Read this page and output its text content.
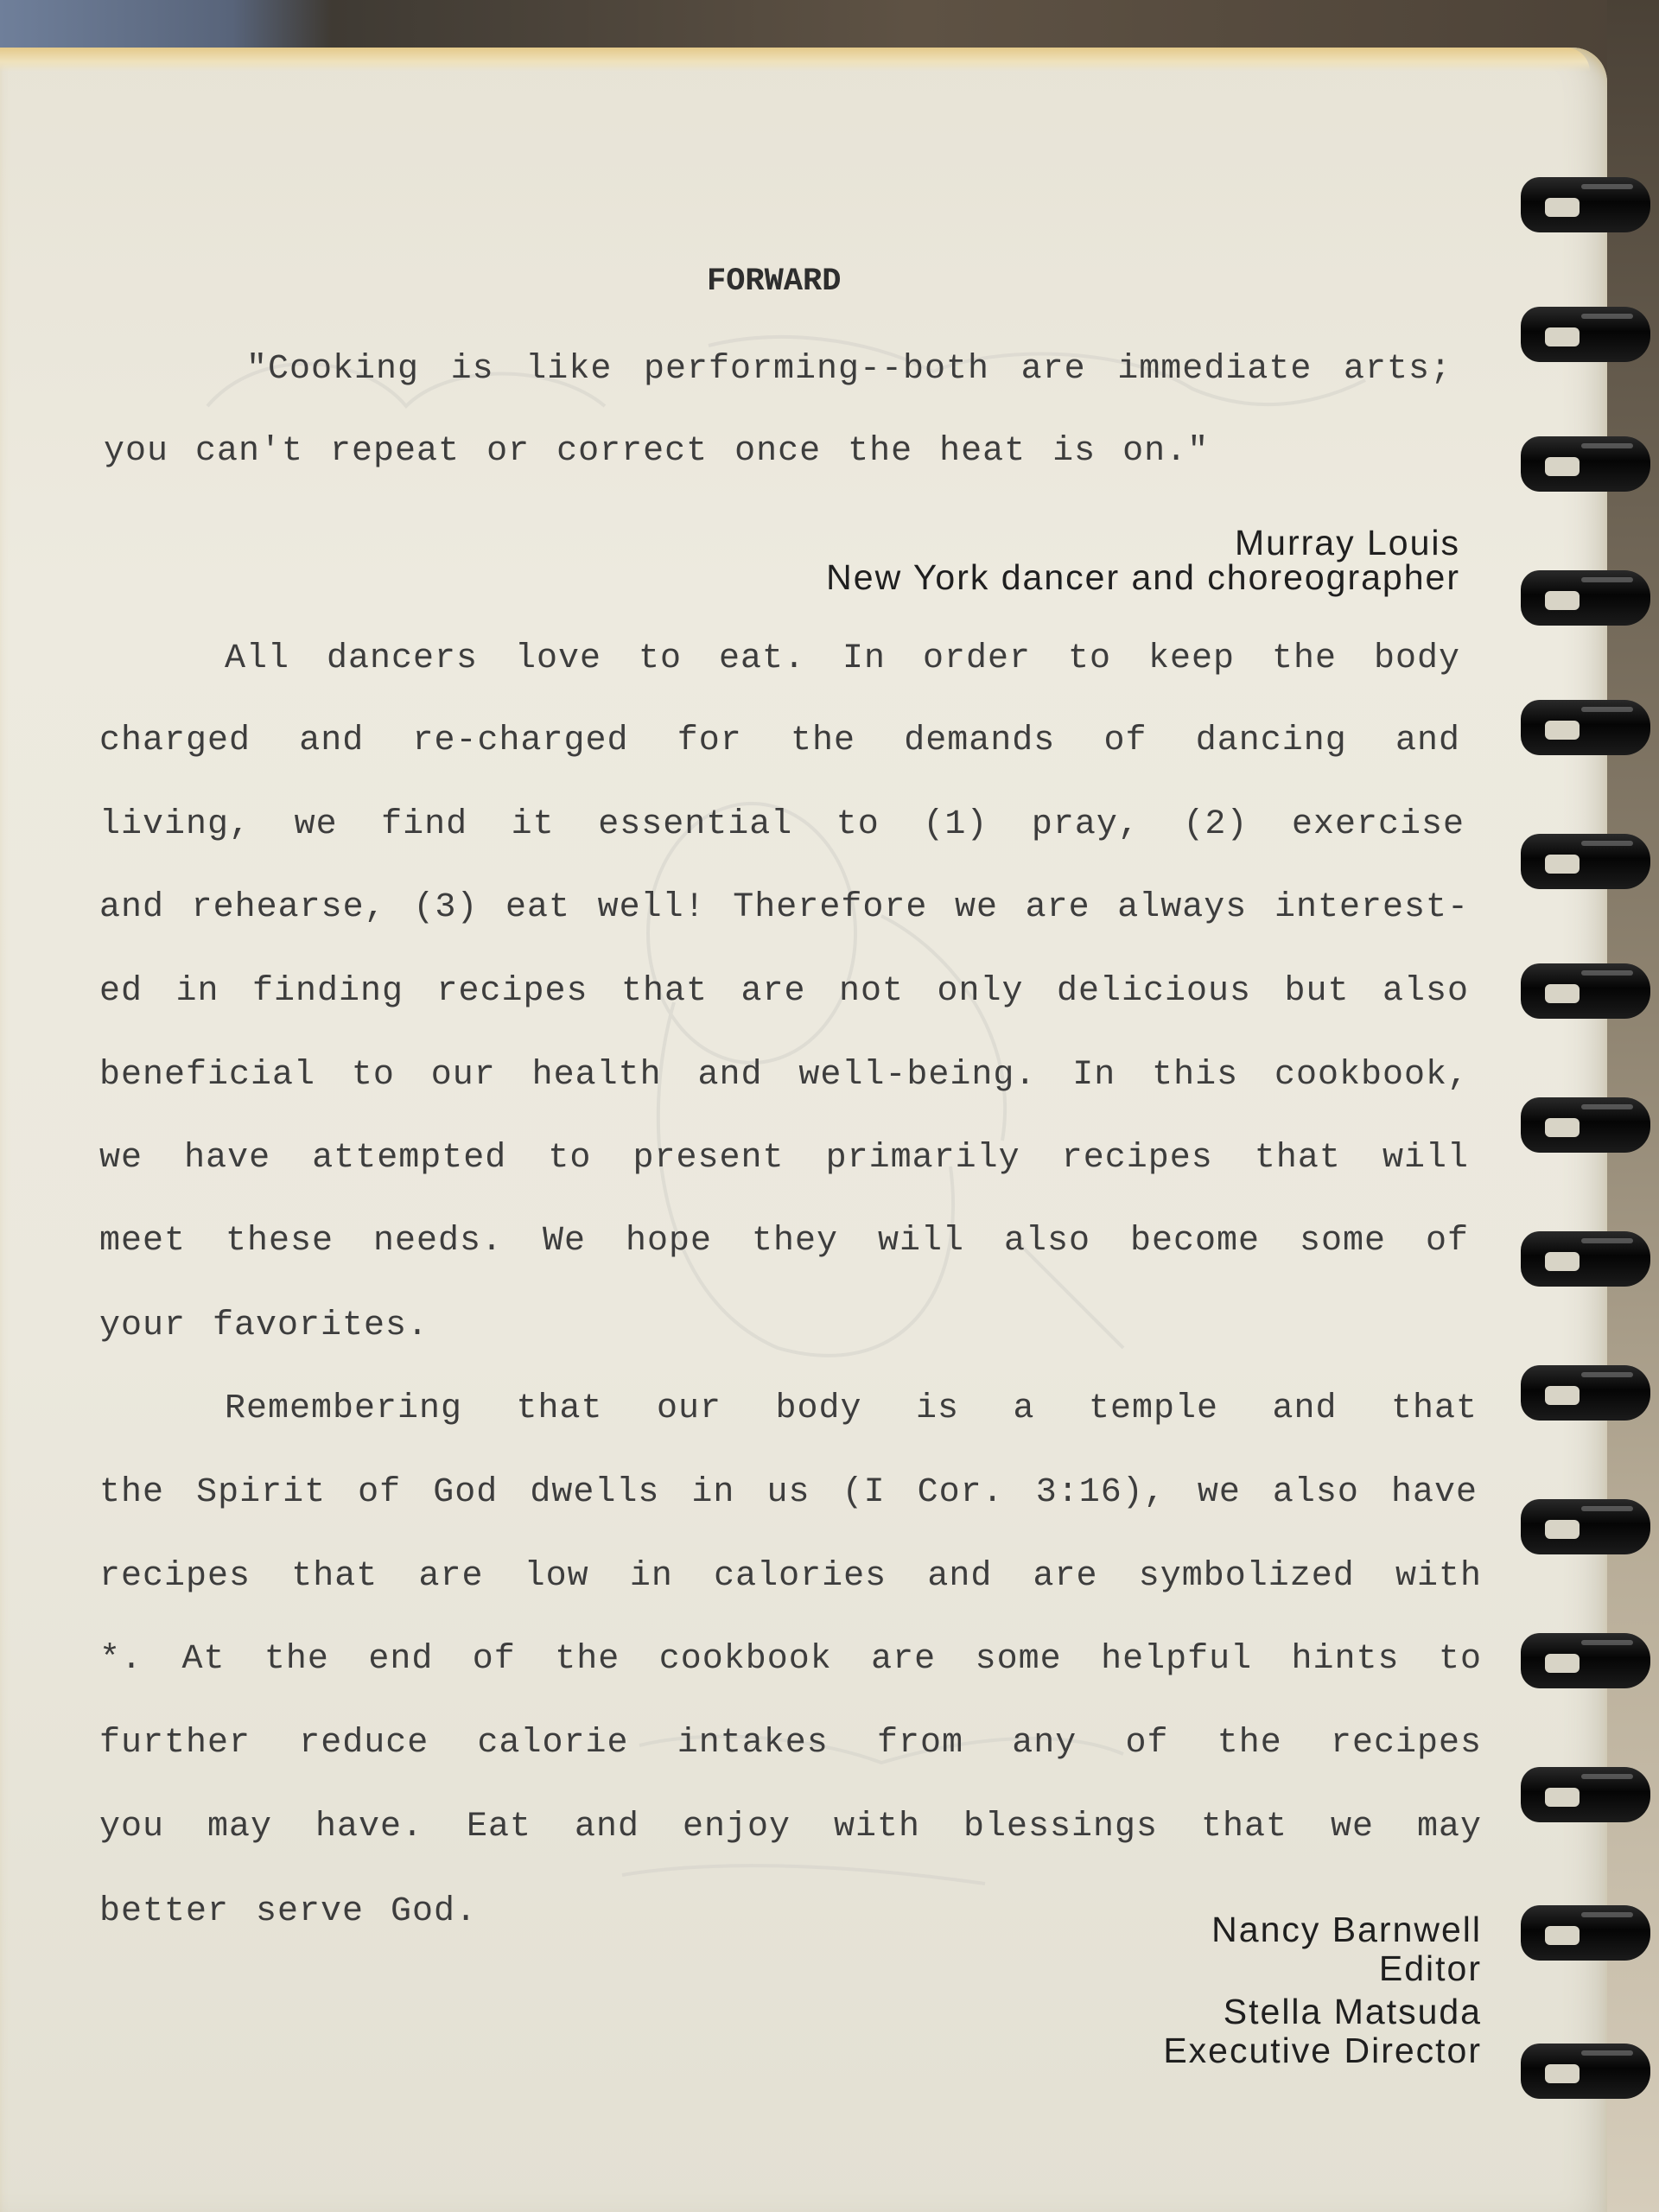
FORWARD
"Cooking is like performing--both are immediate arts;
you can't repeat or correct once the heat is on."
Murray Louis
New York dancer and choreographer
All dancers love to eat. In order to keep the body
charged and re-charged for the demands of dancing and
living, we find it essential to (1) pray, (2) exercise
and rehearse, (3) eat well! Therefore we are always interest-
ed in finding recipes that are not only delicious but also
beneficial to our health and well-being. In this cookbook,
we have attempted to present primarily recipes that will
meet these needs. We hope they will also become some of
your favorites.
Remembering that our body is a temple and that
the Spirit of God dwells in us (I Cor. 3:16), we also have
recipes that are low in calories and are symbolized with
*. At the end of the cookbook are some helpful hints to
further reduce calorie intakes from any of the recipes
you may have. Eat and enjoy with blessings that we may
better serve God.	Nancy Barnwell
Editor
Stella Matsuda
Executive Director
